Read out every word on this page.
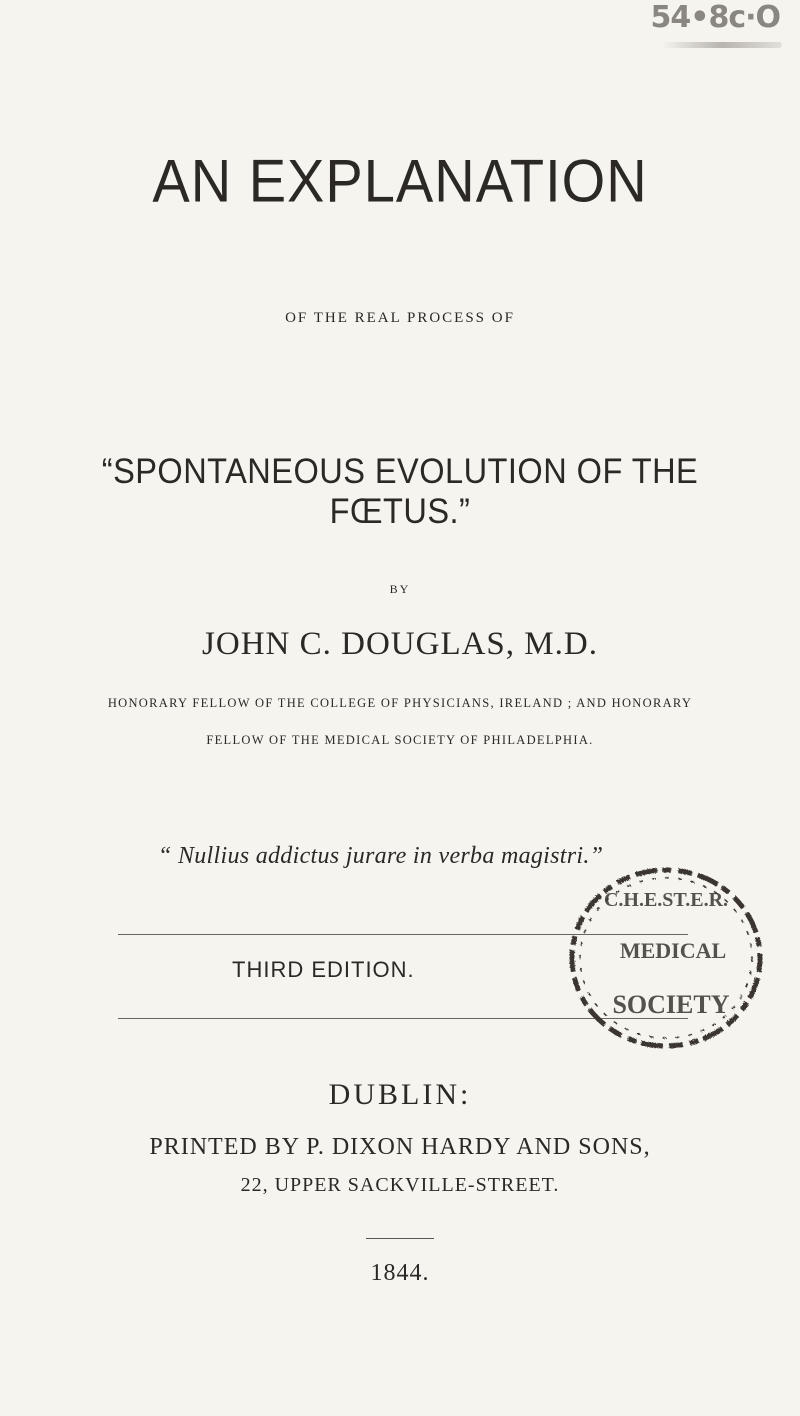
54•8c·O
AN EXPLANATION
OF THE REAL PROCESS OF
“SPONTANEOUS EVOLUTION OF THE FŒTUS.”
BY
JOHN C. DOUGLAS, M.D.
HONORARY FELLOW OF THE COLLEGE OF PHYSICIANS, IRELAND ; AND HONORARY
FELLOW OF THE MEDICAL SOCIETY OF PHILADELPHIA.
“ Nullius addictus jurare in verba magistri.”
THIRD EDITION.
C.H.E.ST.E.R.
MEDICAL
SOCIETY
DUBLIN:
PRINTED BY P. DIXON HARDY AND SONS,
22, UPPER SACKVILLE-STREET.
1844.
